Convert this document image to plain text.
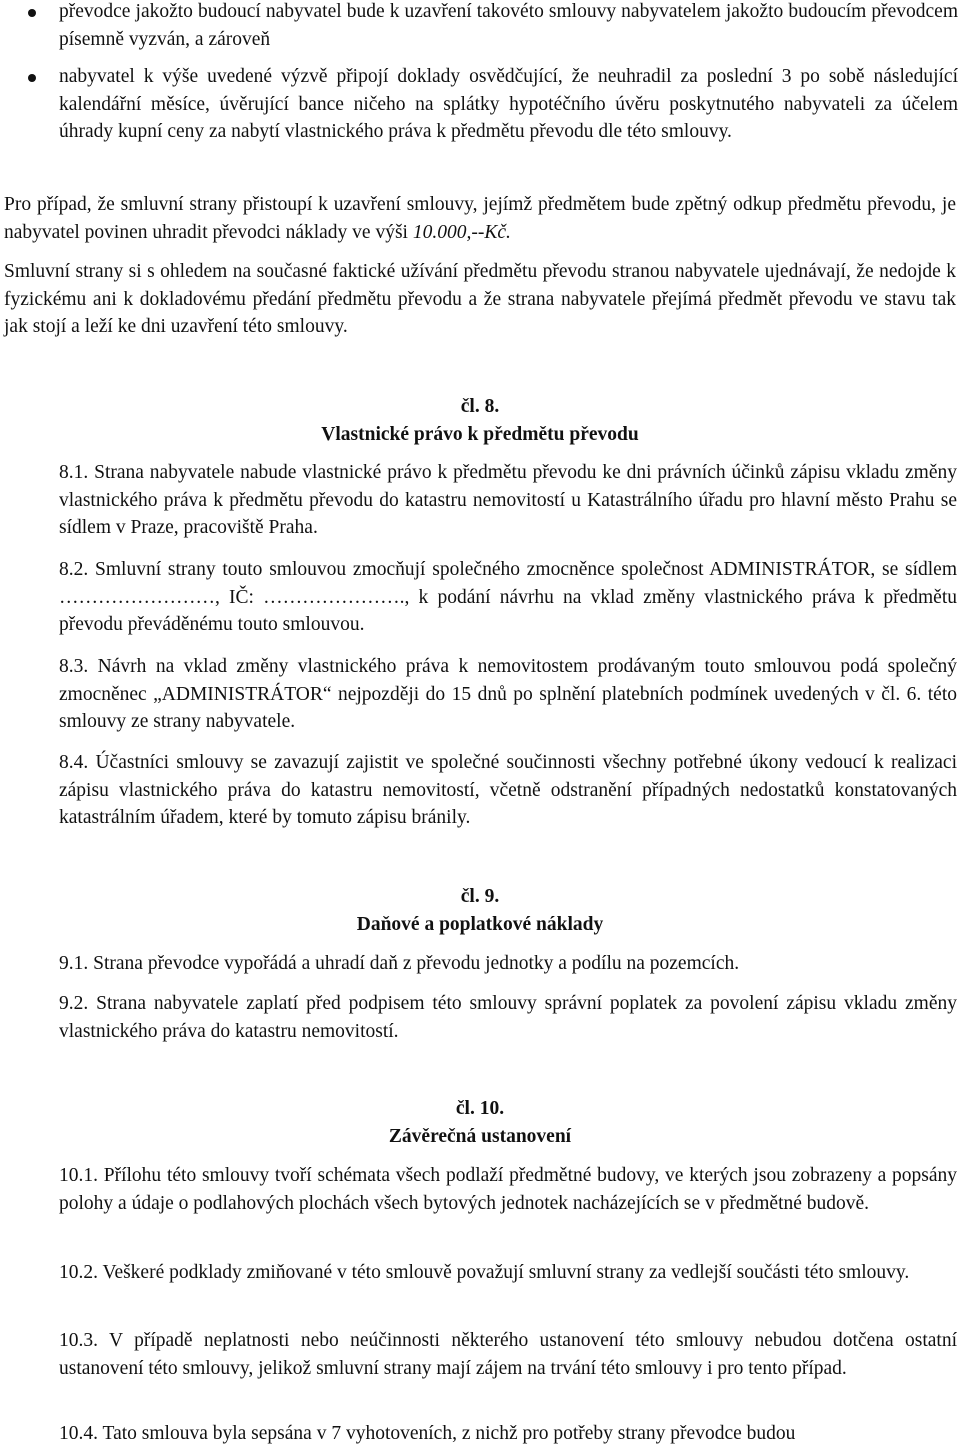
převodce jakožto budoucí nabyvatel bude k uzavření takovéto smlouvy nabyvatelem jakožto budoucím převodcem písemně vyzván, a zároveň
nabyvatel k výše uvedené výzvě připojí doklady osvědčující, že neuhradil za poslední 3 po sobě následující kalendářní měsíce, úvěrující bance ničeho na splátky hypotéčního úvěru poskytnutého nabyvateli za účelem úhrady kupní ceny za nabytí vlastnického práva k předmětu převodu dle této smlouvy.

Pro případ, že smluvní strany přistoupí k uzavření smlouvy, jejímž předmětem bude zpětný odkup předmětu převodu, je nabyvatel povinen uhradit převodci náklady ve výši 10.000,--Kč.

Smluvní strany si s ohledem na současné faktické užívání předmětu převodu stranou nabyvatele ujednávají, že nedojde k fyzickému ani k dokladovému předání předmětu převodu a že strana nabyvatele přejímá předmět převodu ve stavu tak jak stojí a leží ke dni uzavření této smlouvy.

čl. 8.
Vlastnické právo k předmětu převodu

8.1. Strana nabyvatele nabude vlastnické právo k předmětu převodu ke dni právních účinků zápisu vkladu změny vlastnického práva k předmětu převodu do katastru nemovitostí u Katastrálního úřadu pro hlavní město Prahu se sídlem v Praze, pracoviště Praha.

8.2. Smluvní strany touto smlouvou zmocňují společného zmocněnce společnost ADMINISTRÁTOR, se sídlem ……………………, IČ: …………………., k podání návrhu na vklad změny vlastnického práva k předmětu převodu převáděnému touto smlouvou.

8.3. Návrh na vklad změny vlastnického práva k nemovitostem prodávaným touto smlouvou podá společný zmocněnec „ADMINISTRÁTOR“ nejpozději do 15 dnů po splnění platebních podmínek uvedených v čl. 6. této smlouvy ze strany nabyvatele.

8.4. Účastníci smlouvy se zavazují zajistit ve společné součinnosti všechny potřebné úkony vedoucí k realizaci zápisu vlastnického práva do katastru nemovitostí, včetně odstranění případných nedostatků konstatovaných katastrálním úřadem, které by tomuto zápisu bránily.

čl. 9.
Daňové a poplatkové náklady

9.1. Strana převodce vypořádá a uhradí daň z převodu jednotky a podílu na pozemcích.

9.2. Strana nabyvatele zaplatí před podpisem této smlouvy správní poplatek za povolení zápisu vkladu změny vlastnického práva do katastru nemovitostí.

čl. 10.
Závěrečná ustanovení

10.1. Přílohu této smlouvy tvoří schémata všech podlaží předmětné budovy, ve kterých jsou zobrazeny a popsány polohy a údaje o podlahových plochách všech bytových jednotek nacházejících se v předmětné budově.

10.2. Veškeré podklady zmiňované v této smlouvě považují smluvní strany za vedlejší součásti této smlouvy.

10.3. V případě neplatnosti nebo neúčinnosti některého ustanovení této smlouvy nebudou dotčena ostatní ustanovení této smlouvy, jelikož smluvní strany mají zájem na trvání této smlouvy i pro tento případ.

10.4. Tato smlouva byla sepsána v 7 vyhotoveních, z nichž pro potřeby strany převodce budou
